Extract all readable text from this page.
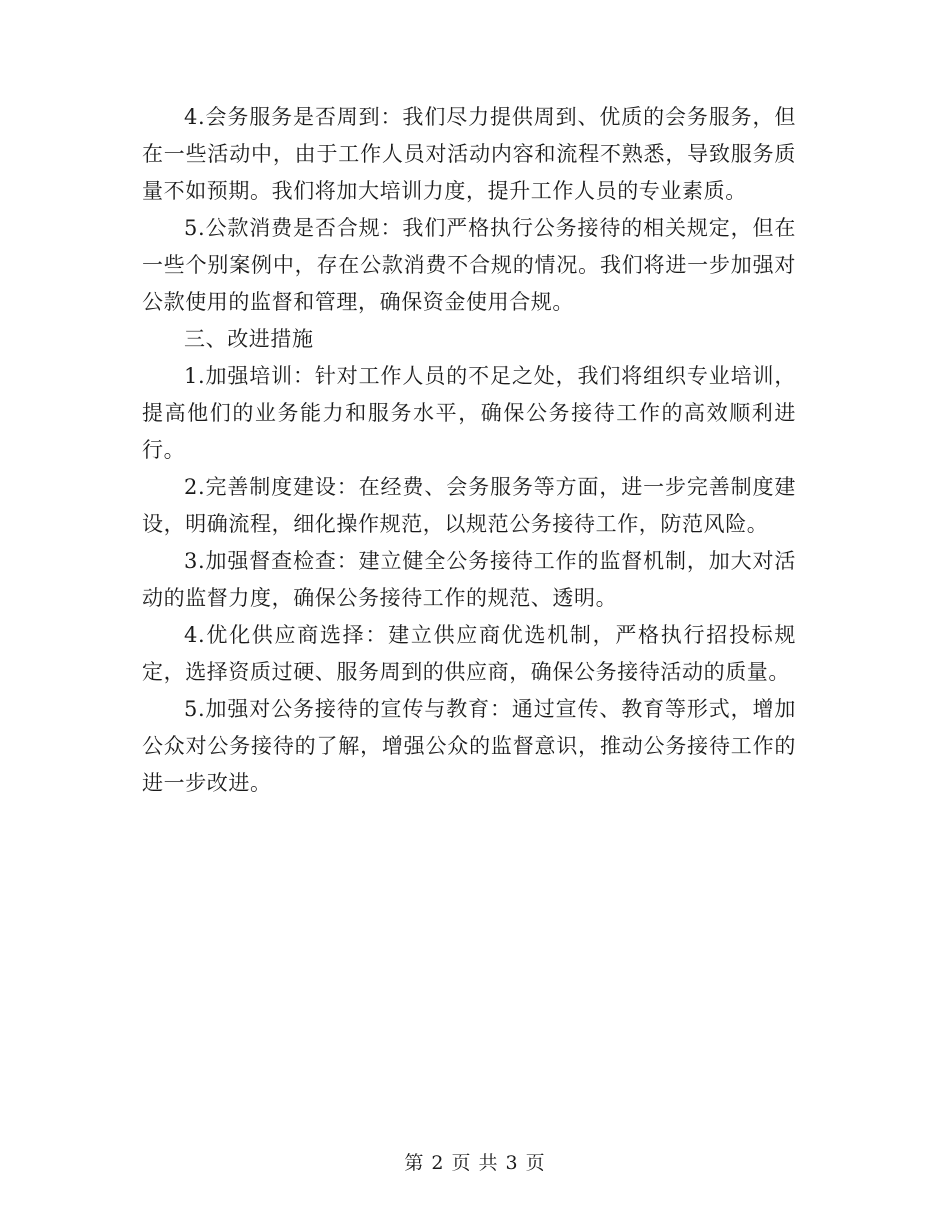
4.会务服务是否周到：我们尽力提供周到、优质的会务服务，但在一些活动中，由于工作人员对活动内容和流程不熟悉，导致服务质量不如预期。我们将加大培训力度，提升工作人员的专业素质。

5.公款消费是否合规：我们严格执行公务接待的相关规定，但在一些个别案例中，存在公款消费不合规的情况。我们将进一步加强对公款使用的监督和管理，确保资金使用合规。

三、改进措施

1.加强培训：针对工作人员的不足之处，我们将组织专业培训，提高他们的业务能力和服务水平，确保公务接待工作的高效顺利进行。

2.完善制度建设：在经费、会务服务等方面，进一步完善制度建设，明确流程，细化操作规范，以规范公务接待工作，防范风险。

3.加强督查检查：建立健全公务接待工作的监督机制，加大对活动的监督力度，确保公务接待工作的规范、透明。

4.优化供应商选择：建立供应商优选机制，严格执行招投标规定，选择资质过硬、服务周到的供应商，确保公务接待活动的质量。

5.加强对公务接待的宣传与教育：通过宣传、教育等形式，增加公众对公务接待的了解，增强公众的监督意识，推动公务接待工作的进一步改进。

第 2 页 共 3 页
